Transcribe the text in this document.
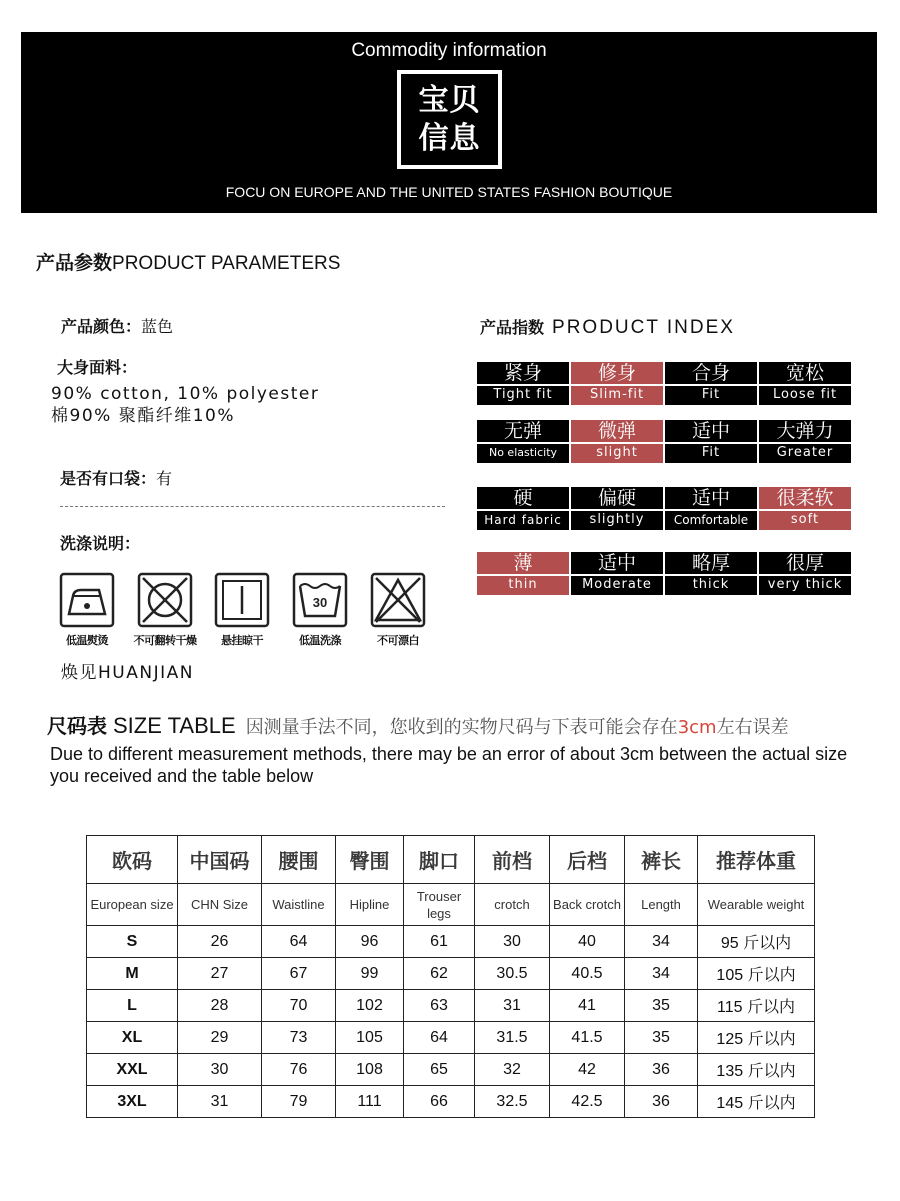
Commodity information
宝贝
信息
FOCU ON EUROPE AND THE UNITED STATES FASHION BOUTIQUE
产品参数PRODUCT PARAMETERS
产品颜色：蓝色
大身面料：
90% cotton, 10% polyester
棉90% 聚酯纤维10%
是否有口袋：有
洗涤说明：
低温熨烫	不可翻转干燥	悬挂晾干
30
低温洗涤	不可漂白
焕见HUANJIAN
产品指数 PRODUCT INDEX
紧身
Tight fit
修身
Slim-fit
合身
Fit
宽松
Loose fit
无弹
No elasticity
微弹
slight
适中
Fit
大弹力
Greater
硬
Hard fabric
偏硬
slightly
适中
Comfortable
很柔软
soft
薄
thin
适中
Moderate
略厚
thick
很厚
very thick
尺码表 SIZE TABLE 因测量手法不同，您收到的实物尺码与下表可能会存在3cm左右误差
Due to different measurement methods, there may be an error of about 3cm between the actual size you received and the table below
欧码	中国码	腰围	臀围	脚口	前档	后档	裤长	推荐体重
European size	CHN Size	Waistline	Hipline	Trouser legs	crotch	Back crotch	Length	Wearable weight
S	26	64	96	61	30	40	34	95 斤以内
M	27	67	99	62	30.5	40.5	34	105 斤以内
L	28	70	102	63	31	41	35	115 斤以内
XL	29	73	105	64	31.5	41.5	35	125 斤以内
XXL	30	76	108	65	32	42	36	135 斤以内
3XL	31	79	111	66	32.5	42.5	36	145 斤以内
